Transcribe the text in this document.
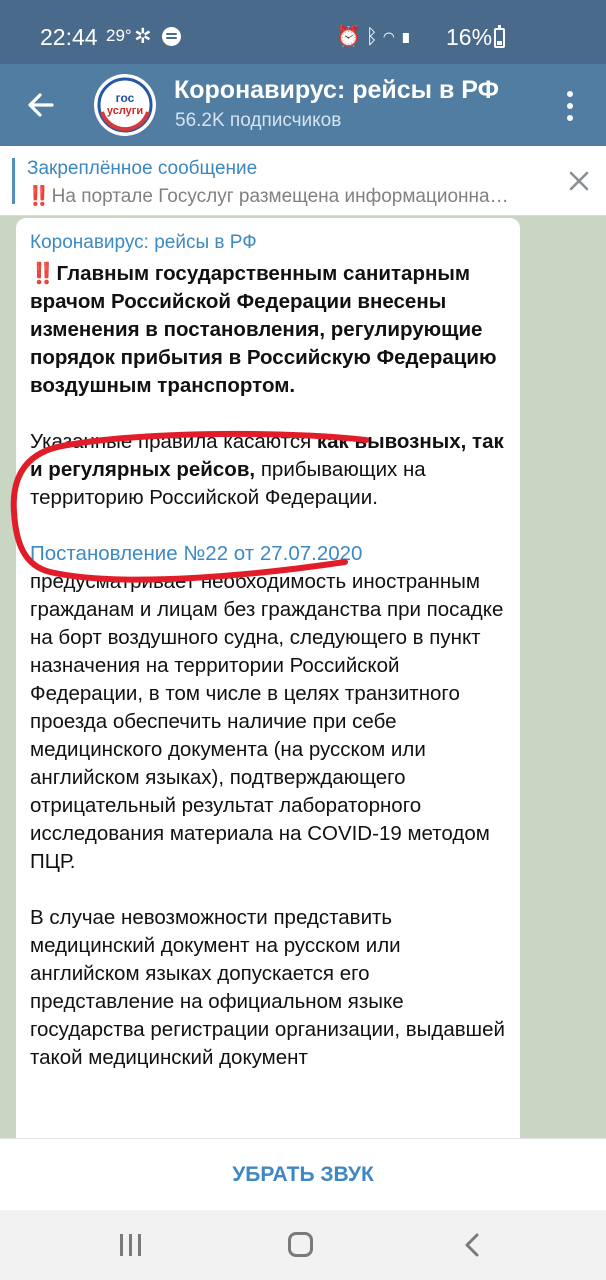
22:44 29° ✲	⏰ᛒ◠▮ 16%
гос
услуги
Коронавирус: рейсы в РФ
56.2K подписчиков
Закреплённое сообщение
‼️ На портале Госуслуг размещена информационна…
Коронавирус: рейсы в РФ

‼️ Главным государственным санитарным врачом Российской Федерации внесены изменения в постановления, регулирующие порядок прибытия в Российскую Федерацию воздушным транспортом.

Указанные правила касаются как вывозных, так и регулярных рейсов, прибывающих на территорию Российской Федерации.

Постановление №22 от 27.07.2020 предусматривает необходимость иностранным гражданам и лицам без гражданства при посадке на борт воздушного судна, следующего в пункт назначения на территории Российской Федерации, в том числе в целях транзитного проезда обеспечить наличие при себе медицинского документа (на русском или английском языках), подтверждающего отрицательный результат лабораторного исследования материала на COVID-19 методом ПЦР.

В случае невозможности представить медицинский документ на русском или английском языках допускается его представление на официальном языке государства регистрации организации, выдавшей такой медицинский документ

УБРАТЬ ЗВУК
